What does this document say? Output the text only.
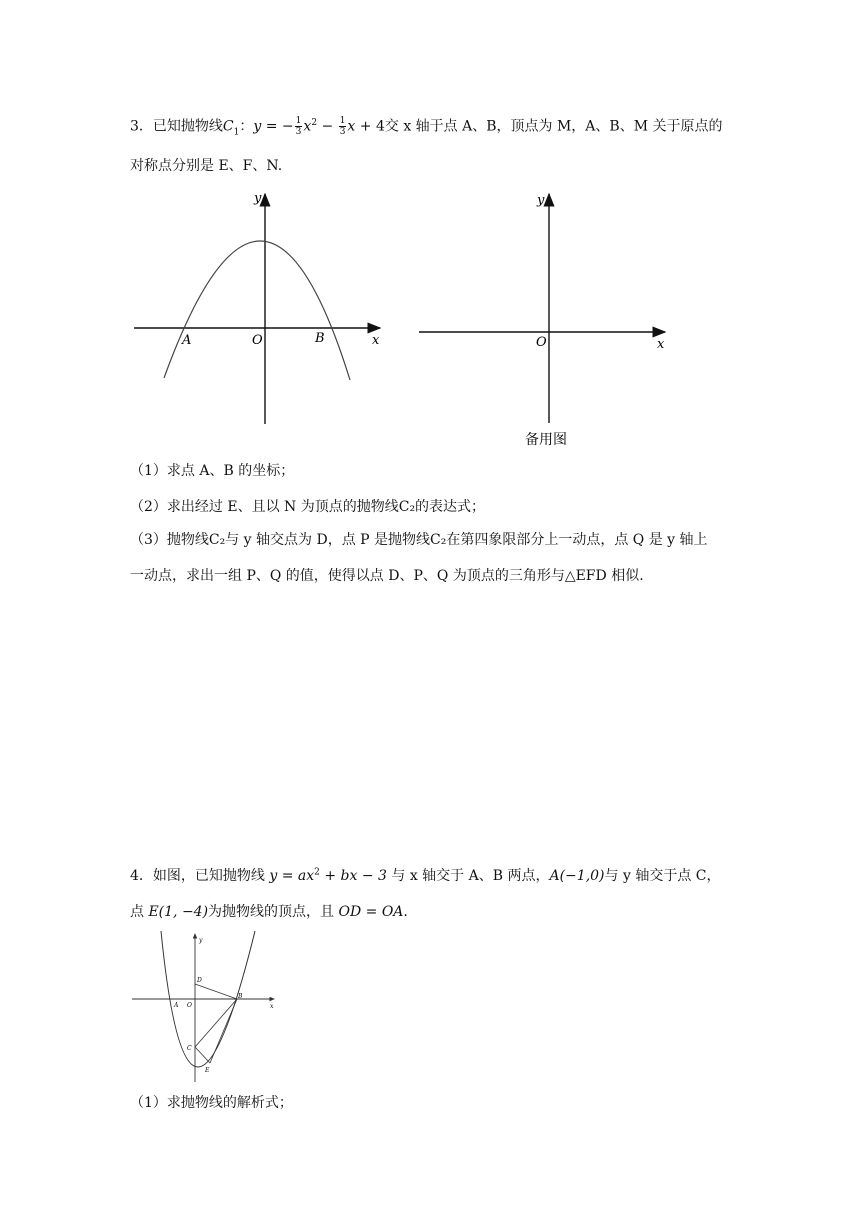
3．已知抛物线$C_1$：y = − $\frac{1}{3} x^2 - \frac{1}{3}$ x + 4交 x 轴于点 A、B，顶点为 M，A、B、M 关于原点的
对称点分别是 E、F、N.
y
x
O
A	B
y
x
O
备用图
（1）求点 A、B 的坐标；
（2）求出经过 E、且以 N 为顶点的抛物线C₂的表达式；
（3）抛物线C₂与 y 轴交点为 D，点 P 是抛物线C₂在第四象限部分上一动点，点 Q 是 y 轴上
一动点，求出一组 P、Q 的值，使得以点 D、P、Q 为顶点的三角形与△EFD 相似.
4．如图，已知抛物线 $y = ax^2$ + bx − 3 与 x 轴交于 A、B 两点，A(−1,0)与 y 轴交于点 C，
点 E(1, −4)为抛物线的顶点，且 OD = OA.
y
x
A O
B
C
D
E
（1）求抛物线的解析式；
